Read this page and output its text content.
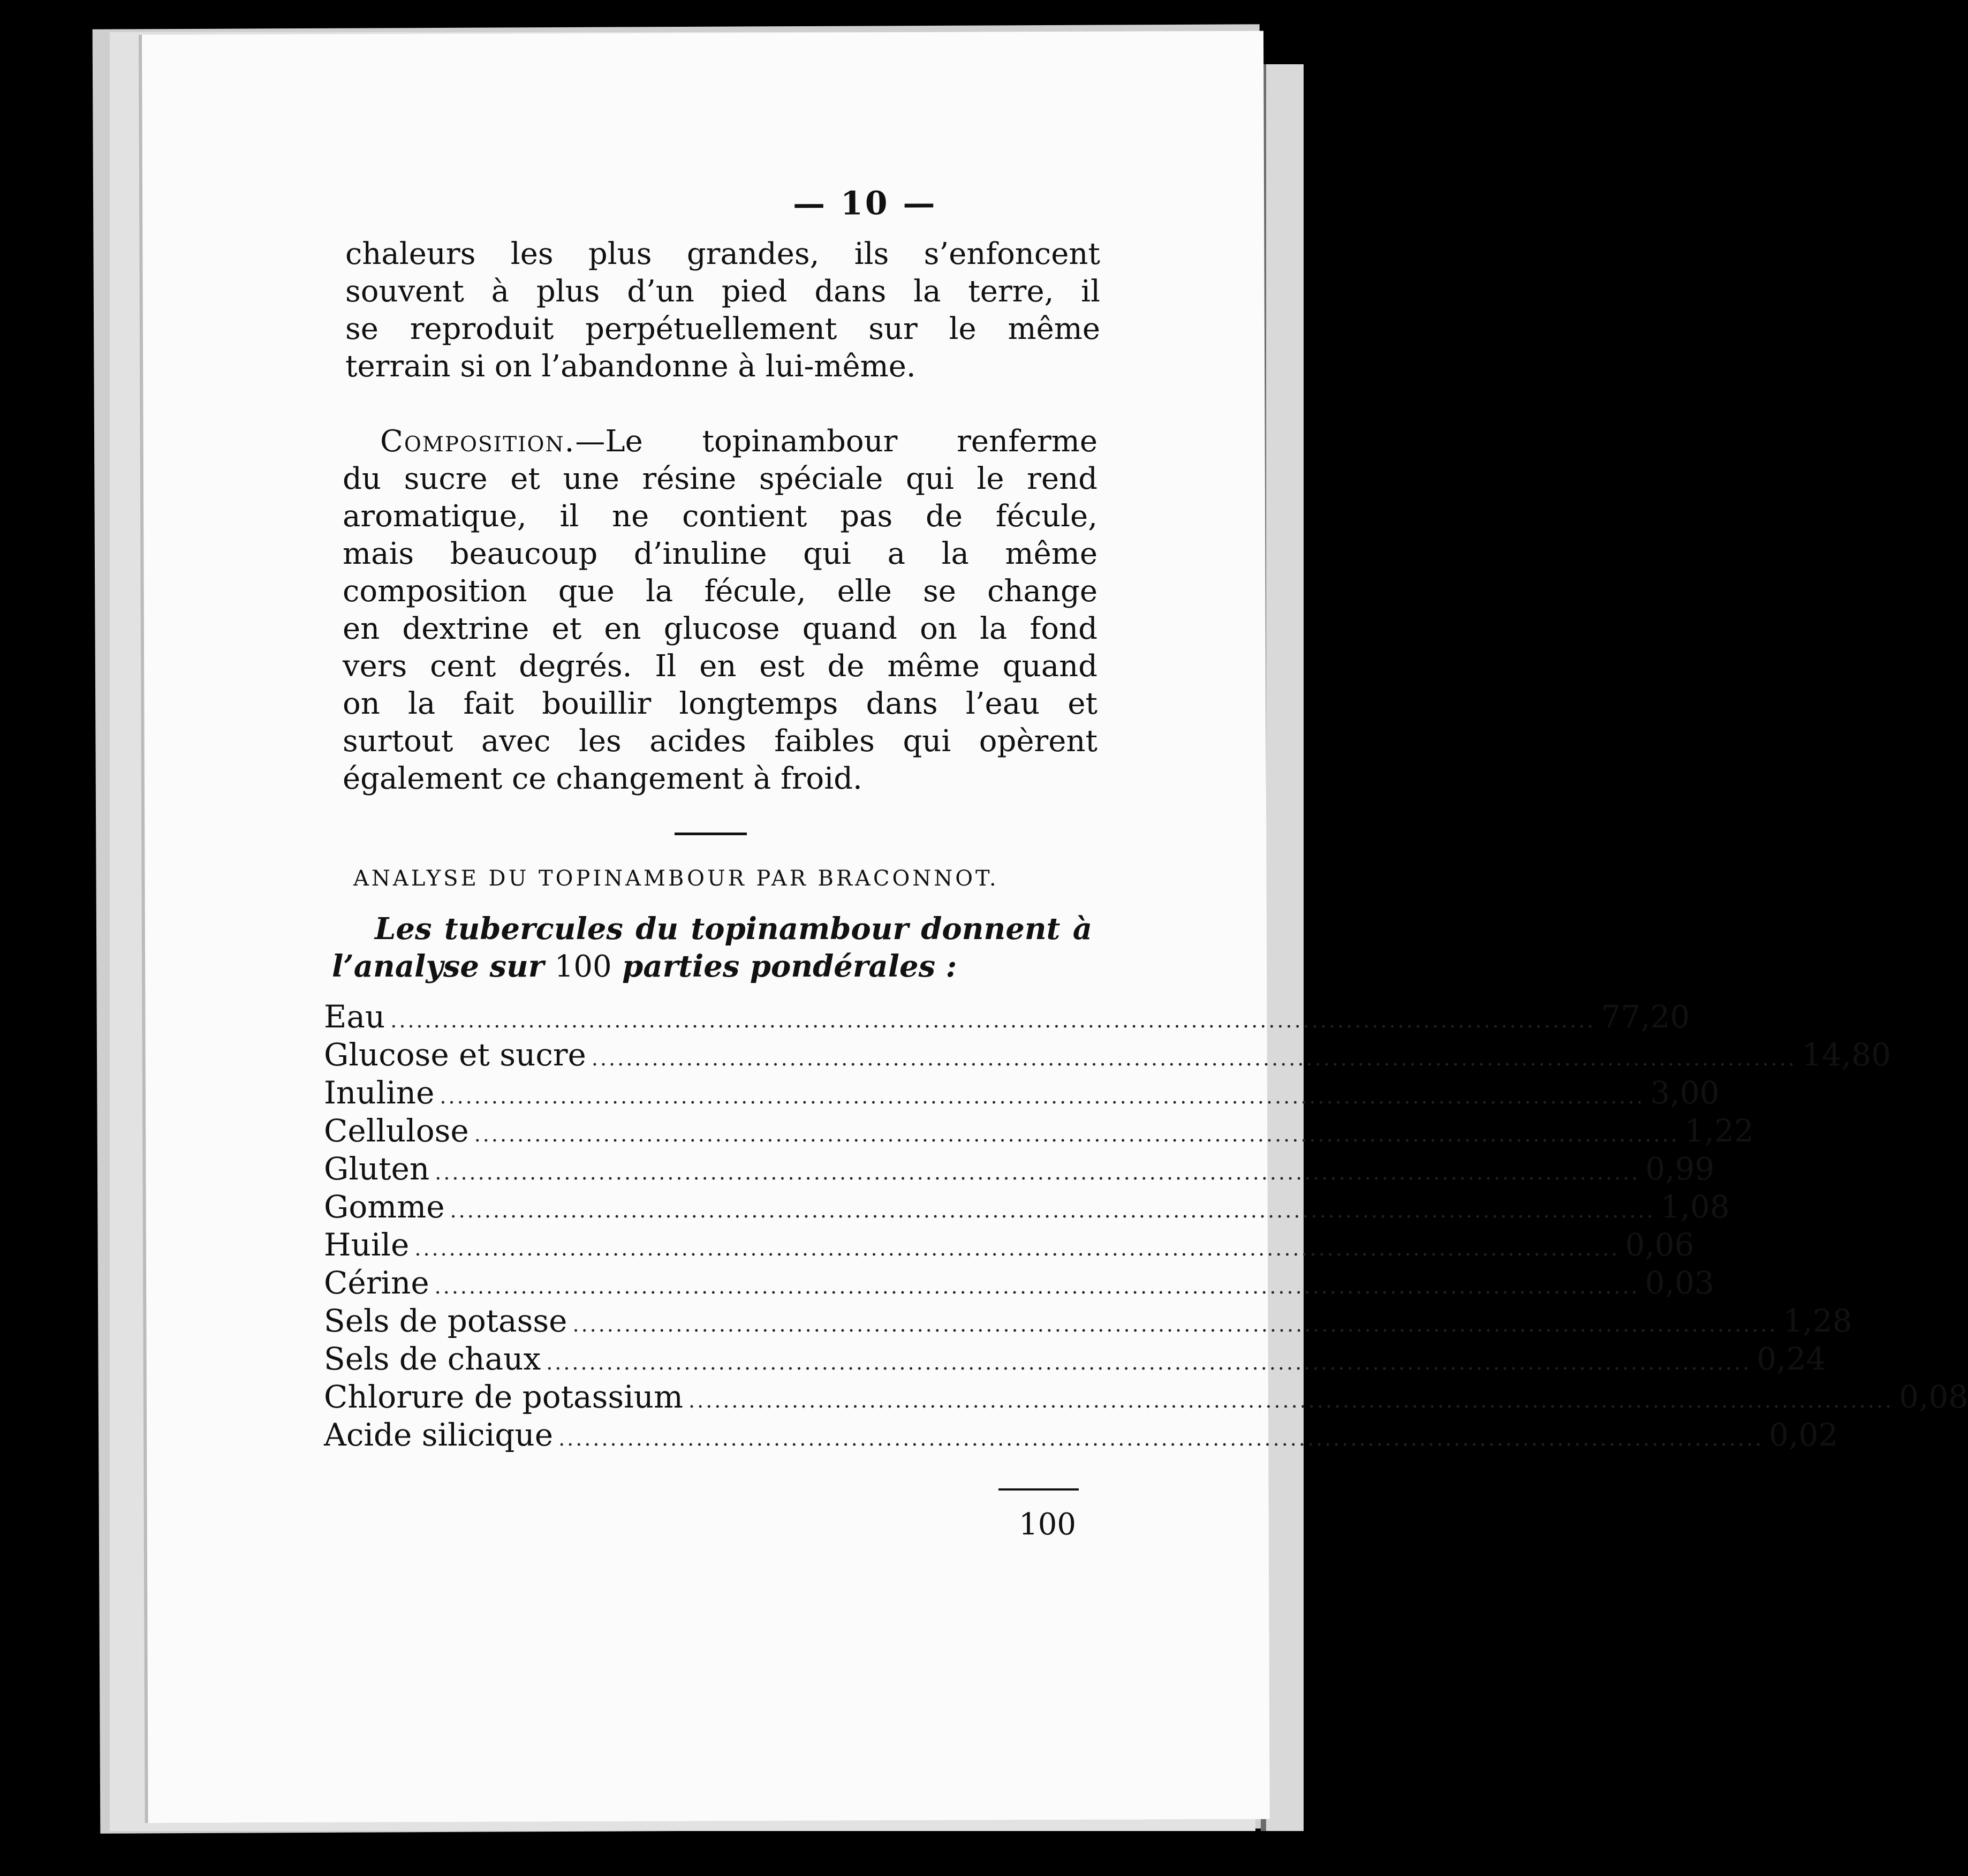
— 10 —

chaleurs les plus grandes, ils s’enfoncent
souvent à plus d’un pied dans la terre, il
se reproduit perpétuellement sur le même
terrain si on l’abandonne à lui-même.

Composition.—Le topinambour renferme
du sucre et une résine spéciale qui le rend
aromatique, il ne contient pas de fécule,
mais beaucoup d’inuline qui a la même
composition que la fécule, elle se change
en dextrine et en glucose quand on la fond
vers cent degrés. Il en est de même quand
on la fait bouillir longtemps dans l’eau et
surtout avec les acides faibles qui opèrent
également ce changement à froid.

ANALYSE DU TOPINAMBOUR PAR BRACONNOT.
Les tubercules du topinambour donnent à
l’analyse sur 100 parties pondérales :
Eau ............................................................................................................................................ 77,20
Glucose et sucre ............................................................................................................................................ 14,80
Inuline ............................................................................................................................................ 3,00
Cellulose ............................................................................................................................................ 1,22
Gluten ............................................................................................................................................ 0,99
Gomme ............................................................................................................................................ 1,08
Huile ............................................................................................................................................ 0,06
Cérine ............................................................................................................................................ 0,03
Sels de potasse ............................................................................................................................................ 1,28
Sels de chaux ............................................................................................................................................ 0,24
Chlorure de potassium ............................................................................................................................................ 0,08
Acide silicique ............................................................................................................................................ 0,02
100
